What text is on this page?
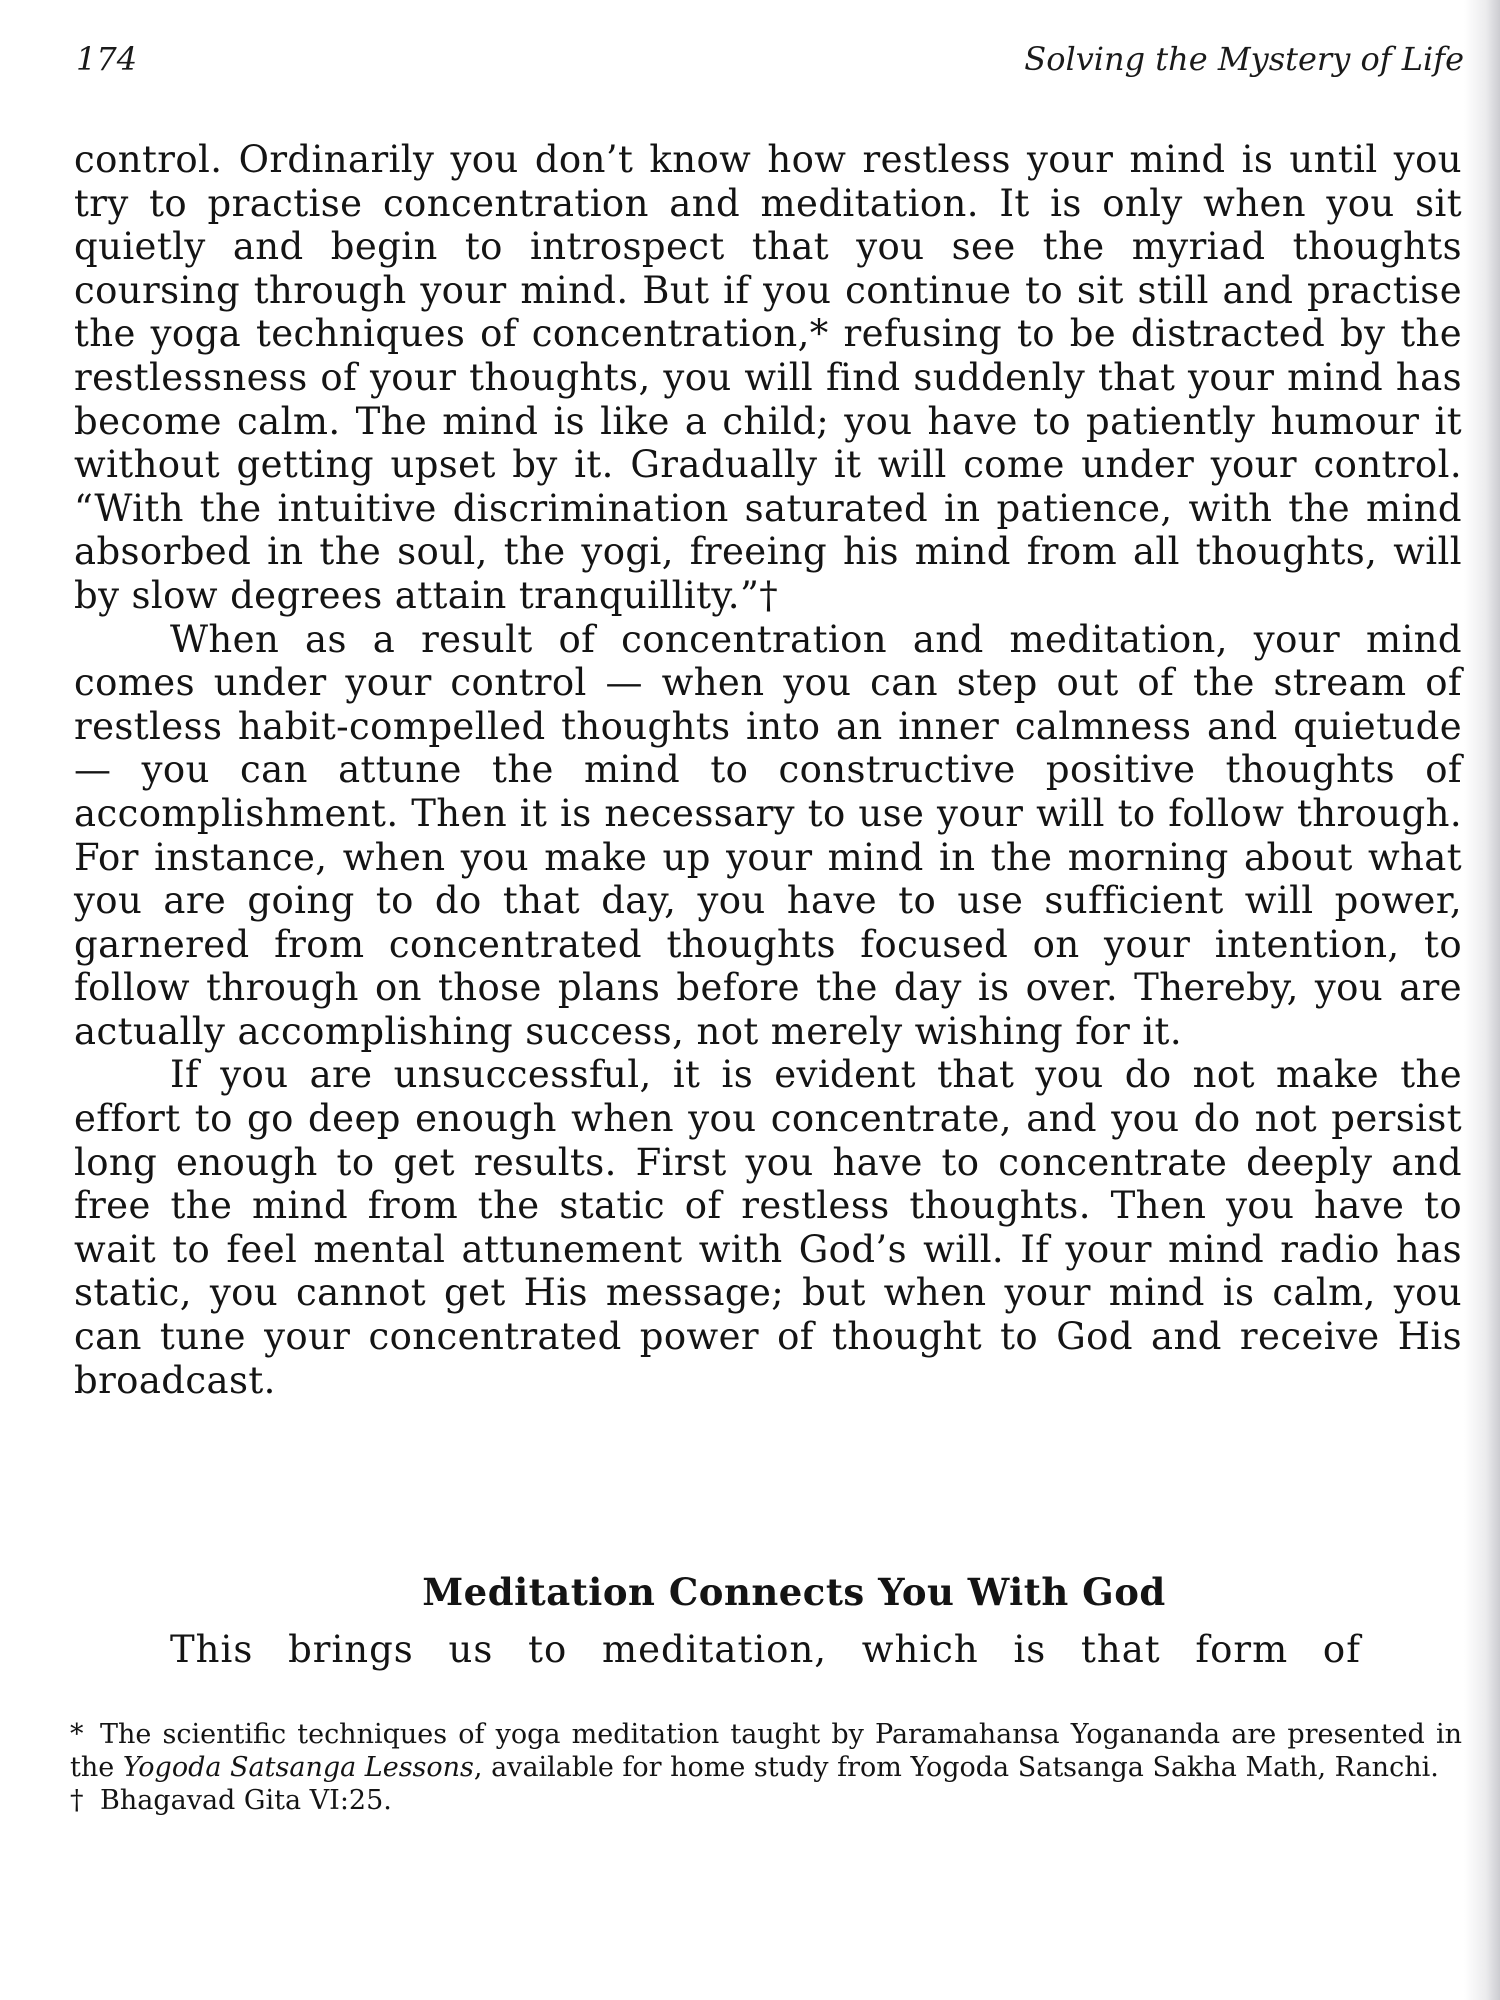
174	Solving the Mystery of Life

control. Ordinarily you don’t know how restless your mind is until you try to practise concentration and meditation. It is only when you sit quietly and begin to introspect that you see the myriad thoughts coursing through your mind. But if you continue to sit still and practise the yoga techniques of concentration,* refusing to be distracted by the restlessness of your thoughts, you will find suddenly that your mind has become calm. The mind is like a child; you have to patiently humour it without getting upset by it. Gradually it will come under your control. “With the intuitive discrimination saturated in patience, with the mind absorbed in the soul, the yogi, freeing his mind from all thoughts, will by slow degrees attain tranquillity.”†

When as a result of concentration and meditation, your mind comes under your control — when you can step out of the stream of restless habit-compelled thoughts into an inner calmness and quietude — you can attune the mind to constructive positive thoughts of accomplishment. Then it is necessary to use your will to follow through. For instance, when you make up your mind in the morning about what you are going to do that day, you have to use sufficient will power, garnered from concentrated thoughts focused on your intention, to follow through on those plans before the day is over. Thereby, you are actually accomplishing success, not merely wishing for it.

If you are unsuccessful, it is evident that you do not make the effort to go deep enough when you concentrate, and you do not persist long enough to get results. First you have to concentrate deeply and free the mind from the static of restless thoughts. Then you have to wait to feel mental attunement with God’s will. If your mind radio has static, you cannot get His message; but when your mind is calm, you can tune your concentrated power of thought to God and receive His broadcast.

Meditation Connects You With God
This brings us to meditation, which is that form of

* The scientific techniques of yoga meditation taught by Paramahansa Yogananda are presented in the Yogoda Satsanga Lessons, available for home study from Yogoda Satsanga Sakha Math, Ranchi.

† Bhagavad Gita VI:25.
